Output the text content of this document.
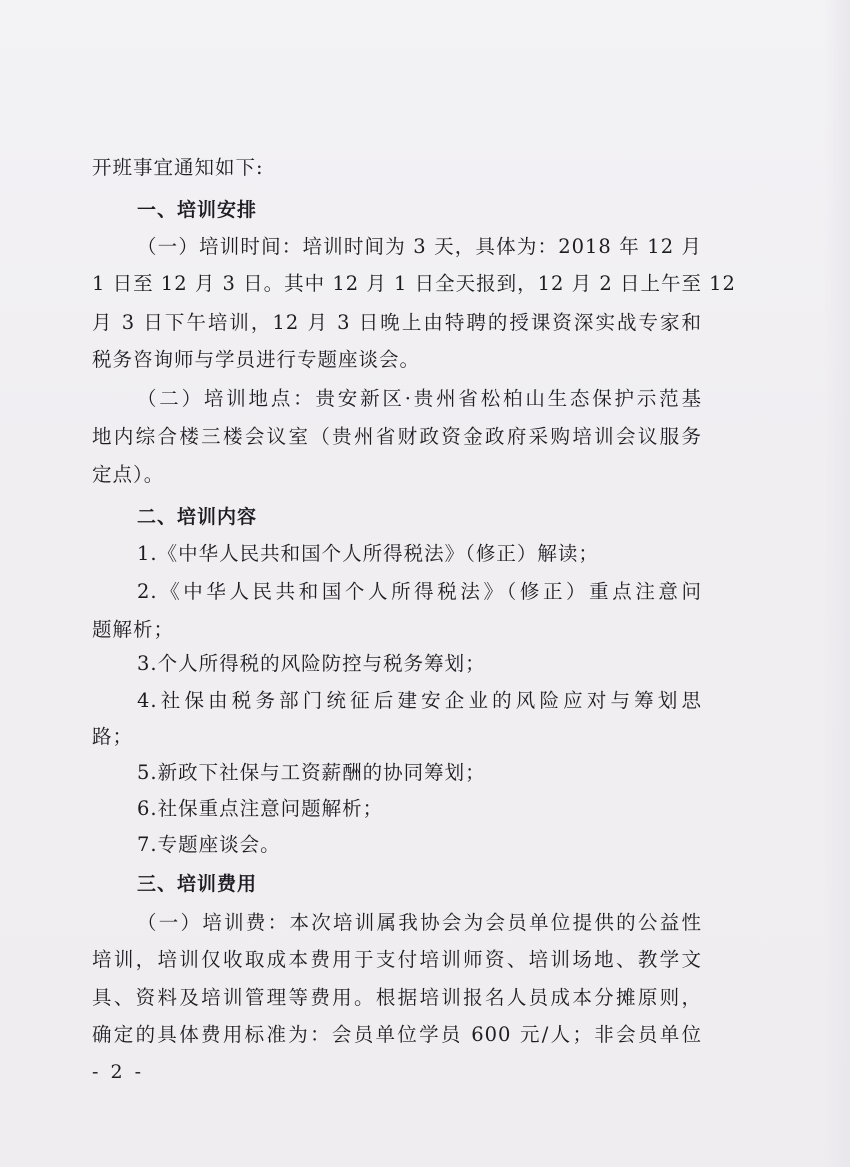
开班事宜通知如下:
一、培训安排
（一）培训时间：培训时间为 3 天，具体为：2018 年 12 月
1 日至 12 月 3 日。其中 12 月 1 日全天报到，12 月 2 日上午至 12
月 3 日下午培训，12 月 3 日晚上由特聘的授课资深实战专家和
税务咨询师与学员进行专题座谈会。
（二）培训地点：贵安新区·贵州省松柏山生态保护示范基
地内综合楼三楼会议室（贵州省财政资金政府采购培训会议服务
定点）。
二、培训内容
1.《中华人民共和国个人所得税法》（修正）解读；
2.《中华人民共和国个人所得税法》（修正）重点注意问
题解析；
3.个人所得税的风险防控与税务筹划；
4.社保由税务部门统征后建安企业的风险应对与筹划思
路；
5.新政下社保与工资薪酬的协同筹划；
6.社保重点注意问题解析；
7.专题座谈会。
三、培训费用
（一）培训费：本次培训属我协会为会员单位提供的公益性
培训，培训仅收取成本费用于支付培训师资、培训场地、教学文
具、资料及培训管理等费用。根据培训报名人员成本分摊原则，
确定的具体费用标准为：会员单位学员 600 元/人；非会员单位
- 2 -
